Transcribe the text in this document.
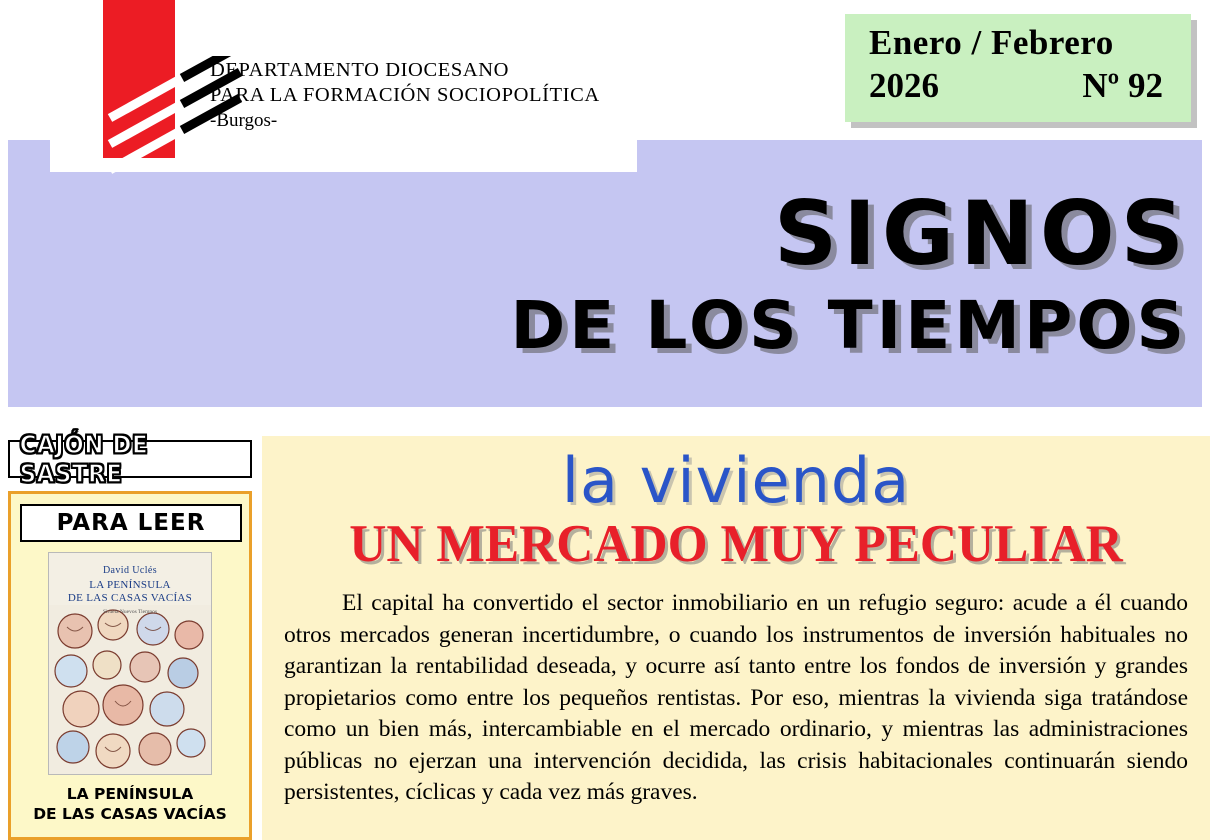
Enero / Febrero
2026	Nº 92
DEPARTAMENTO DIOCESANO
PARA LA FORMACIÓN SOCIOPOLÍTICA
-Burgos-
SIGNOS
DE LOS TIEMPOS
CAJÓN DE SASTRE
PARA LEER
David Uclés
LA PENÍNSULA
DE LAS CASAS VACÍAS
Siruela Nuevos Tiempos
LA PENÍNSULA
DE LAS CASAS VACÍAS
la vivienda
UN MERCADO MUY PECULIAR
El capital ha convertido el sector inmobiliario en un refugio seguro: acude a él cuando otros mercados generan incertidumbre, o cuando los instrumentos de inversión habituales no garantizan la rentabilidad deseada, y ocurre así tanto entre los fondos de inversión y grandes propietarios como entre los pequeños rentistas. Por eso, mientras la vivienda siga tratándose como un bien más, intercambiable en el mercado ordinario, y mientras las administraciones públicas no ejerzan una intervención decidida, las crisis habitacionales continuarán siendo persistentes, cíclicas y cada vez más graves.
